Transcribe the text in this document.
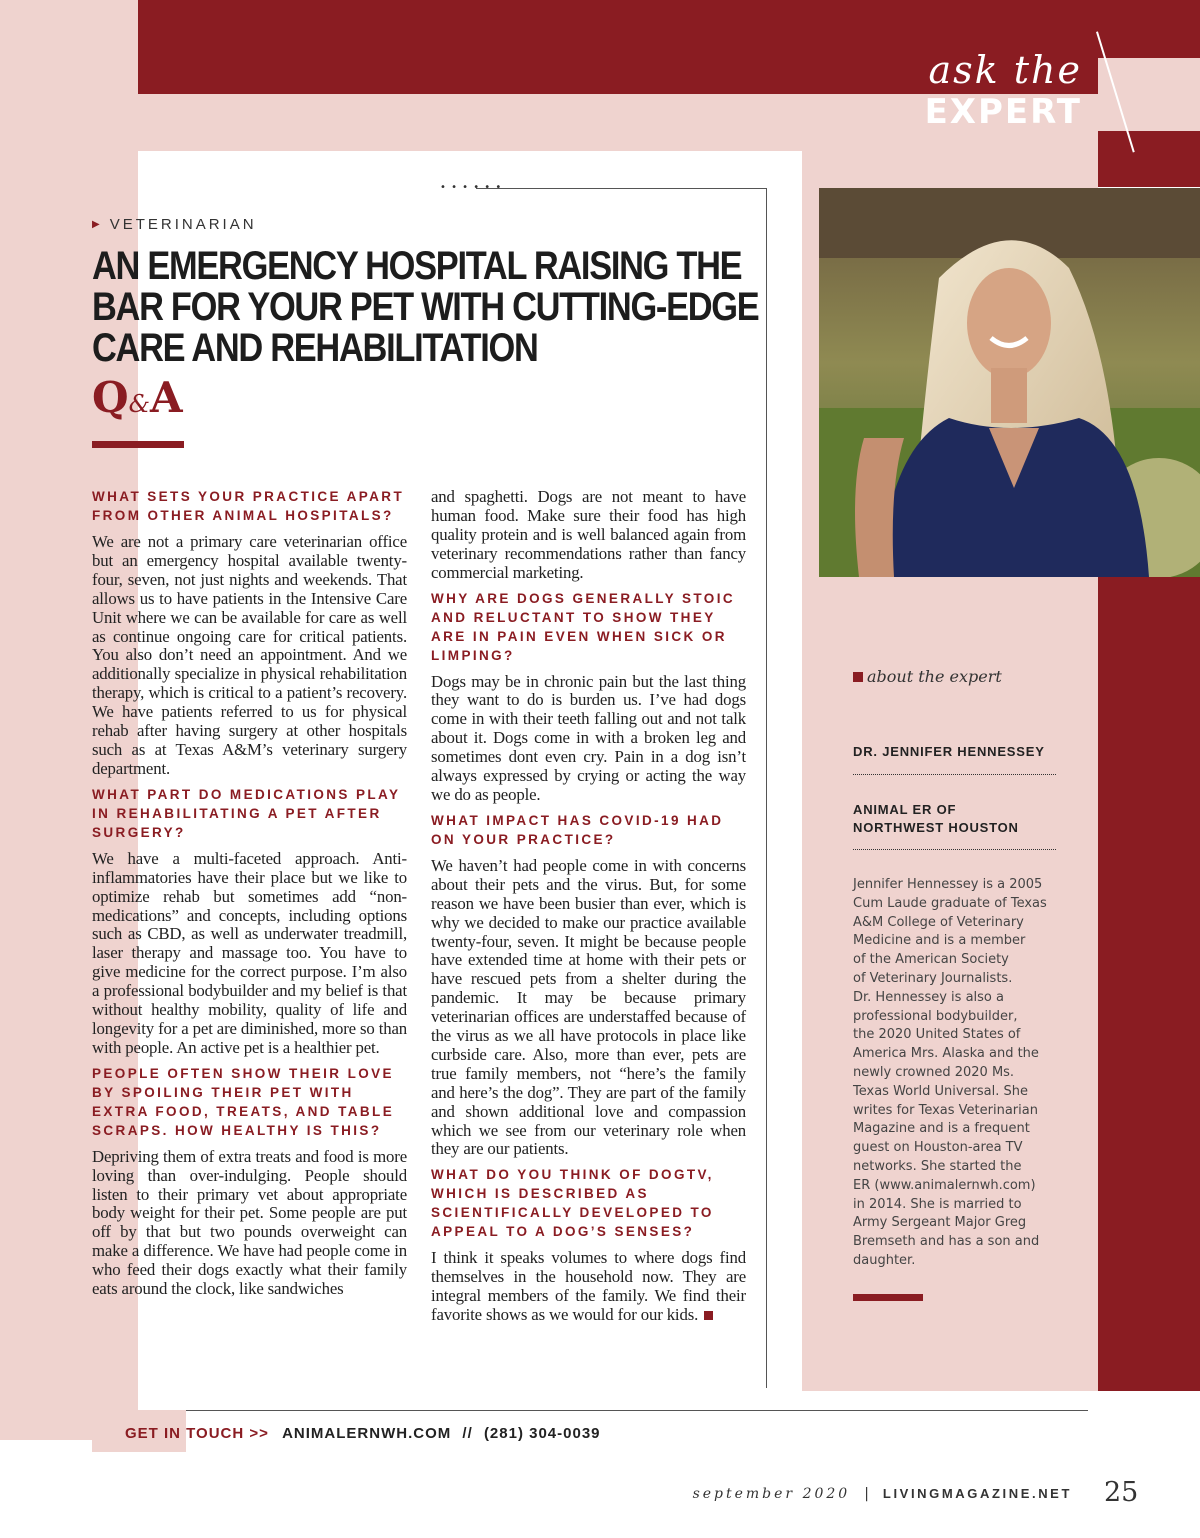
• • • • • •
ask the
EXPERT
▶ VETERINARIAN
AN EMERGENCY HOSPITAL RAISING THE
BAR FOR YOUR PET WITH CUTTING-EDGE
CARE AND REHABILITATION
Q&A
WHAT SETS YOUR PRACTICE APART FROM OTHER ANIMAL HOSPITALS?

We are not a primary care veterinarian office but an emergency hospital available twenty-four, seven, not just nights and weekends. That allows us to have patients in the Intensive Care Unit where we can be available for care as well as continue ongoing care for critical patients. You also don’t need an appointment. And we additionally specialize in physical rehabilitation therapy, which is critical to a patient’s recovery. We have patients referred to us for physical rehab after having surgery at other hospitals such as at Texas A&M’s veterinary surgery department.

WHAT PART DO MEDICATIONS PLAY IN REHABILITATING A PET AFTER SURGERY?

We have a multi-faceted approach. Anti-inflammatories have their place but we like to optimize rehab but sometimes add “non-medications” and concepts, including options such as CBD, as well as underwater treadmill, laser therapy and massage too. You have to give medicine for the correct purpose. I’m also a professional bodybuilder and my belief is that without healthy mobility, quality of life and longevity for a pet are diminished, more so than with people. An active pet is a healthier pet.

PEOPLE OFTEN SHOW THEIR LOVE BY SPOILING THEIR PET WITH EXTRA FOOD, TREATS, AND TABLE SCRAPS. HOW HEALTHY IS THIS?

Depriving them of extra treats and food is more loving than over-indulging. People should listen to their primary vet about appropriate body weight for their pet. Some people are put off by that but two pounds overweight can make a difference. We have had people come in who feed their dogs exactly what their family eats around the clock, like sandwiches

and spaghetti. Dogs are not meant to have human food. Make sure their food has high quality protein and is well balanced again from veterinary recommendations rather than fancy commercial marketing.

WHY ARE DOGS GENERALLY STOIC AND RELUCTANT TO SHOW THEY ARE IN PAIN EVEN WHEN SICK OR LIMPING?

Dogs may be in chronic pain but the last thing they want to do is burden us. I’ve had dogs come in with their teeth falling out and not talk about it. Dogs come in with a broken leg and sometimes dont even cry. Pain in a dog isn’t always expressed by crying or acting the way we do as people.

WHAT IMPACT HAS COVID-19 HAD ON YOUR PRACTICE?

We haven’t had people come in with concerns about their pets and the virus. But, for some reason we have been busier than ever, which is why we decided to make our practice available twenty-four, seven. It might be because people have extended time at home with their pets or have rescued pets from a shelter during the pandemic. It may be because primary veterinarian offices are understaffed because of the virus as we all have protocols in place like curbside care. Also, more than ever, pets are true family members, not “here’s the family and here’s the dog”. They are part of the family and shown additional love and compassion which we see from our veterinary role when they are our patients.

WHAT DO YOU THINK OF DOGTV, WHICH IS DESCRIBED AS SCIENTIFICALLY DEVELOPED TO APPEAL TO A DOG’S SENSES?

I think it speaks volumes to where dogs find themselves in the household now. They are integral members of the family. We find their favorite shows as we would for our kids.

about the expert
DR. JENNIFER HENNESSEY
ANIMAL ER OF
NORTHWEST HOUSTON
Jennifer Hennessey is a 2005
Cum Laude graduate of Texas
A&M College of Veterinary
Medicine and is a member
of the American Society
of Veterinary Journalists.
Dr. Hennessey is also a
professional bodybuilder,
the 2020 United States of
America Mrs. Alaska and the
newly crowned 2020 Ms.
Texas World Universal. She
writes for Texas Veterinarian
Magazine and is a frequent
guest on Houston-area TV
networks. She started the
ER (www.animalernwh.com)
in 2014. She is married to
Army Sergeant Major Greg
Bremseth and has a son and
daughter.
GET IN TOUCH >> ANIMALERNWH.COM // (281) 304-0039
september 2020 | LIVINGMAGAZINE.NET 25
